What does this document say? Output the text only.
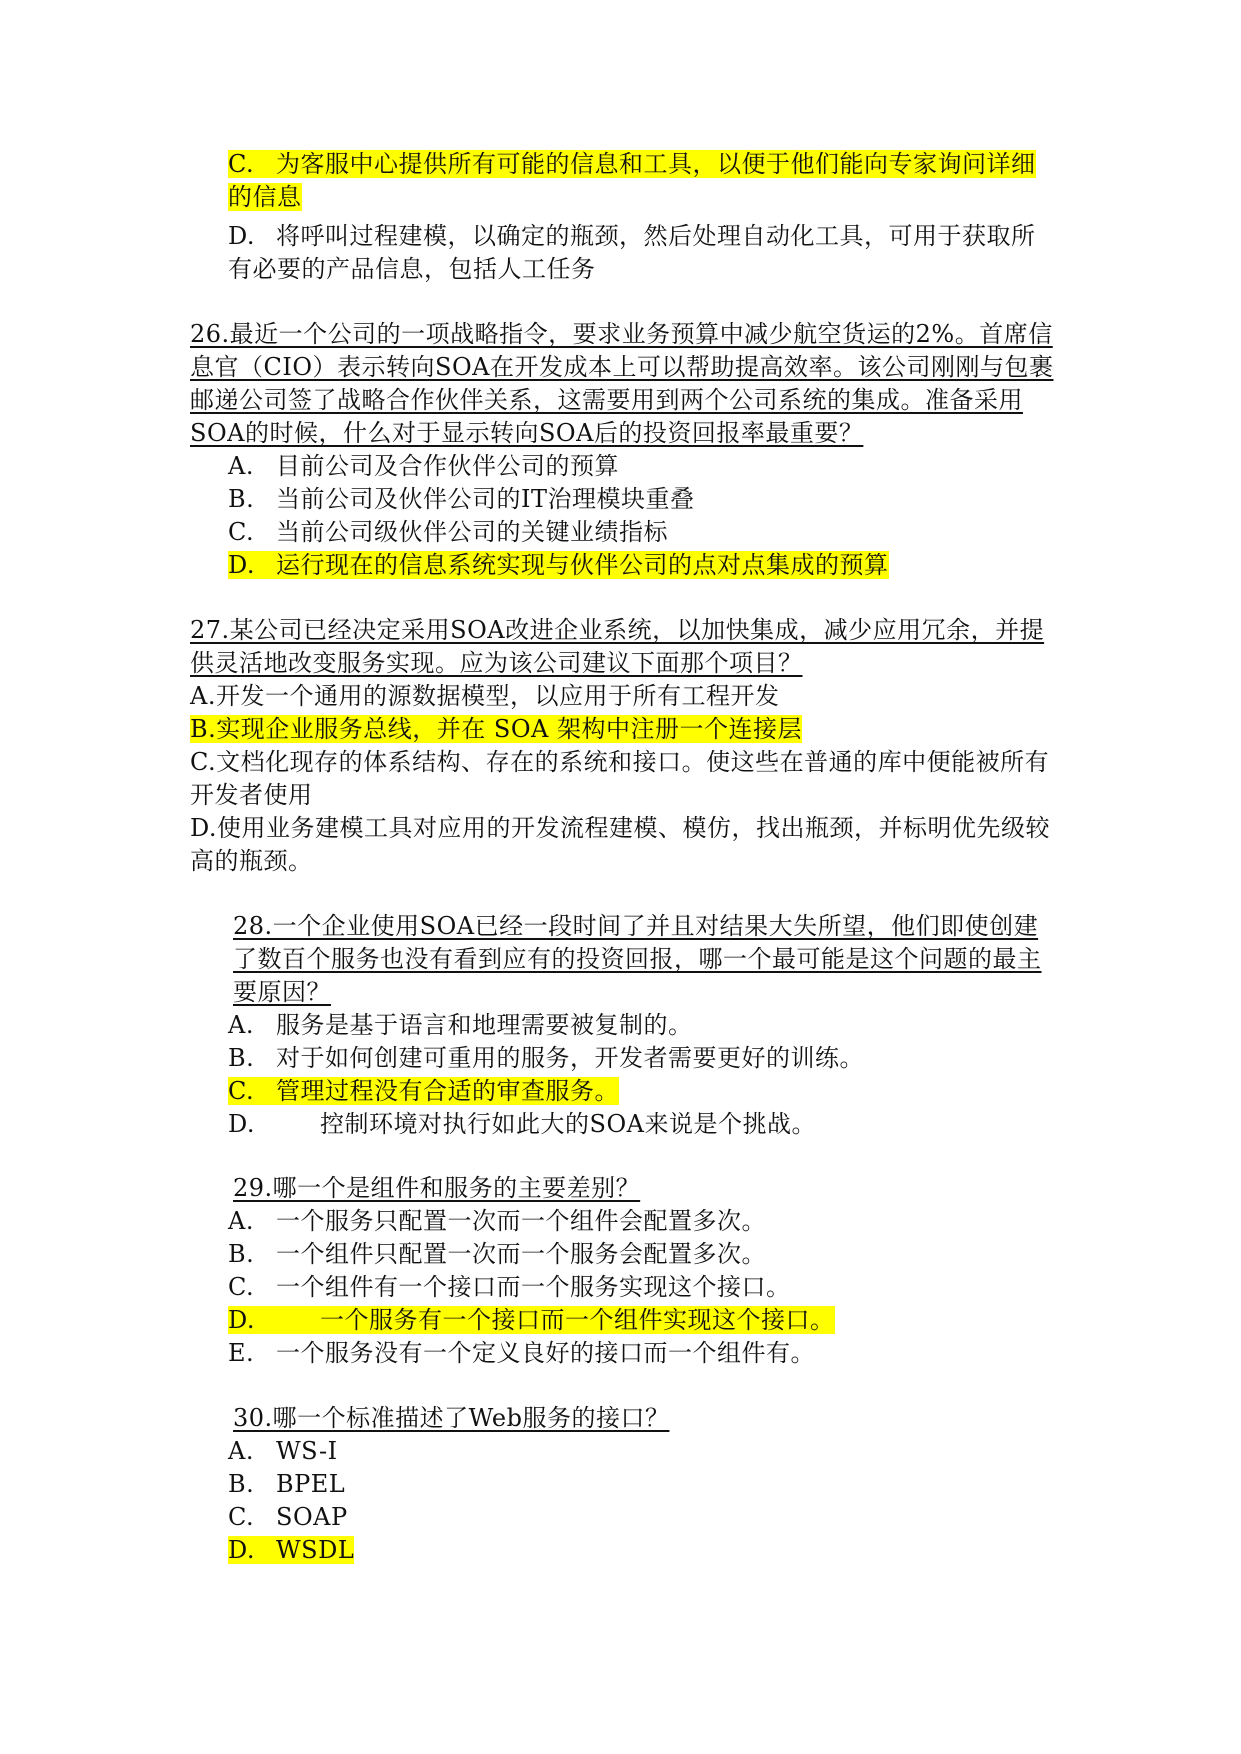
C. 为客服中心提供所有可能的信息和工具，以便于他们能向专家询问详细
的信息
D. 将呼叫过程建模，以确定的瓶颈，然后处理自动化工具，可用于获取所
有必要的产品信息，包括人工任务
26.最近一个公司的一项战略指令，要求业务预算中减少航空货运的2%。首席信
息官（CIO）表示转向SOA在开发成本上可以帮助提高效率。该公司刚刚与包裹
邮递公司签了战略合作伙伴关系，这需要用到两个公司系统的集成。准备采用
SOA的时候，什么对于显示转向SOA后的投资回报率最重要？
A. 目前公司及合作伙伴公司的预算
B. 当前公司及伙伴公司的IT治理模块重叠
C. 当前公司级伙伴公司的关键业绩指标
D. 运行现在的信息系统实现与伙伴公司的点对点集成的预算
27.某公司已经决定采用SOA改进企业系统，以加快集成，减少应用冗余，并提
供灵活地改变服务实现。应为该公司建议下面那个项目？
A.开发一个通用的源数据模型，以应用于所有工程开发
B.实现企业服务总线，并在 SOA 架构中注册一个连接层
C.文档化现存的体系结构、存在的系统和接口。使这些在普通的库中便能被所有
开发者使用
D.使用业务建模工具对应用的开发流程建模、模仿，找出瓶颈，并标明优先级较
高的瓶颈。
28.一个企业使用SOA已经一段时间了并且对结果大失所望，他们即使创建
了数百个服务也没有看到应有的投资回报，哪一个最可能是这个问题的最主
要原因？
A. 服务是基于语言和地理需要被复制的。
B. 对于如何创建可重用的服务，开发者需要更好的训练。
C. 管理过程没有合适的审查服务。
D.	控制环境对执行如此大的SOA来说是个挑战。
29.哪一个是组件和服务的主要差别？
A. 一个服务只配置一次而一个组件会配置多次。
B. 一个组件只配置一次而一个服务会配置多次。
C. 一个组件有一个接口而一个服务实现这个接口。
D.	一个服务有一个接口而一个组件实现这个接口。
E. 一个服务没有一个定义良好的接口而一个组件有。
30.哪一个标准描述了Web服务的接口？
A. WS-I
B. BPEL
C. SOAP
D. WSDL
